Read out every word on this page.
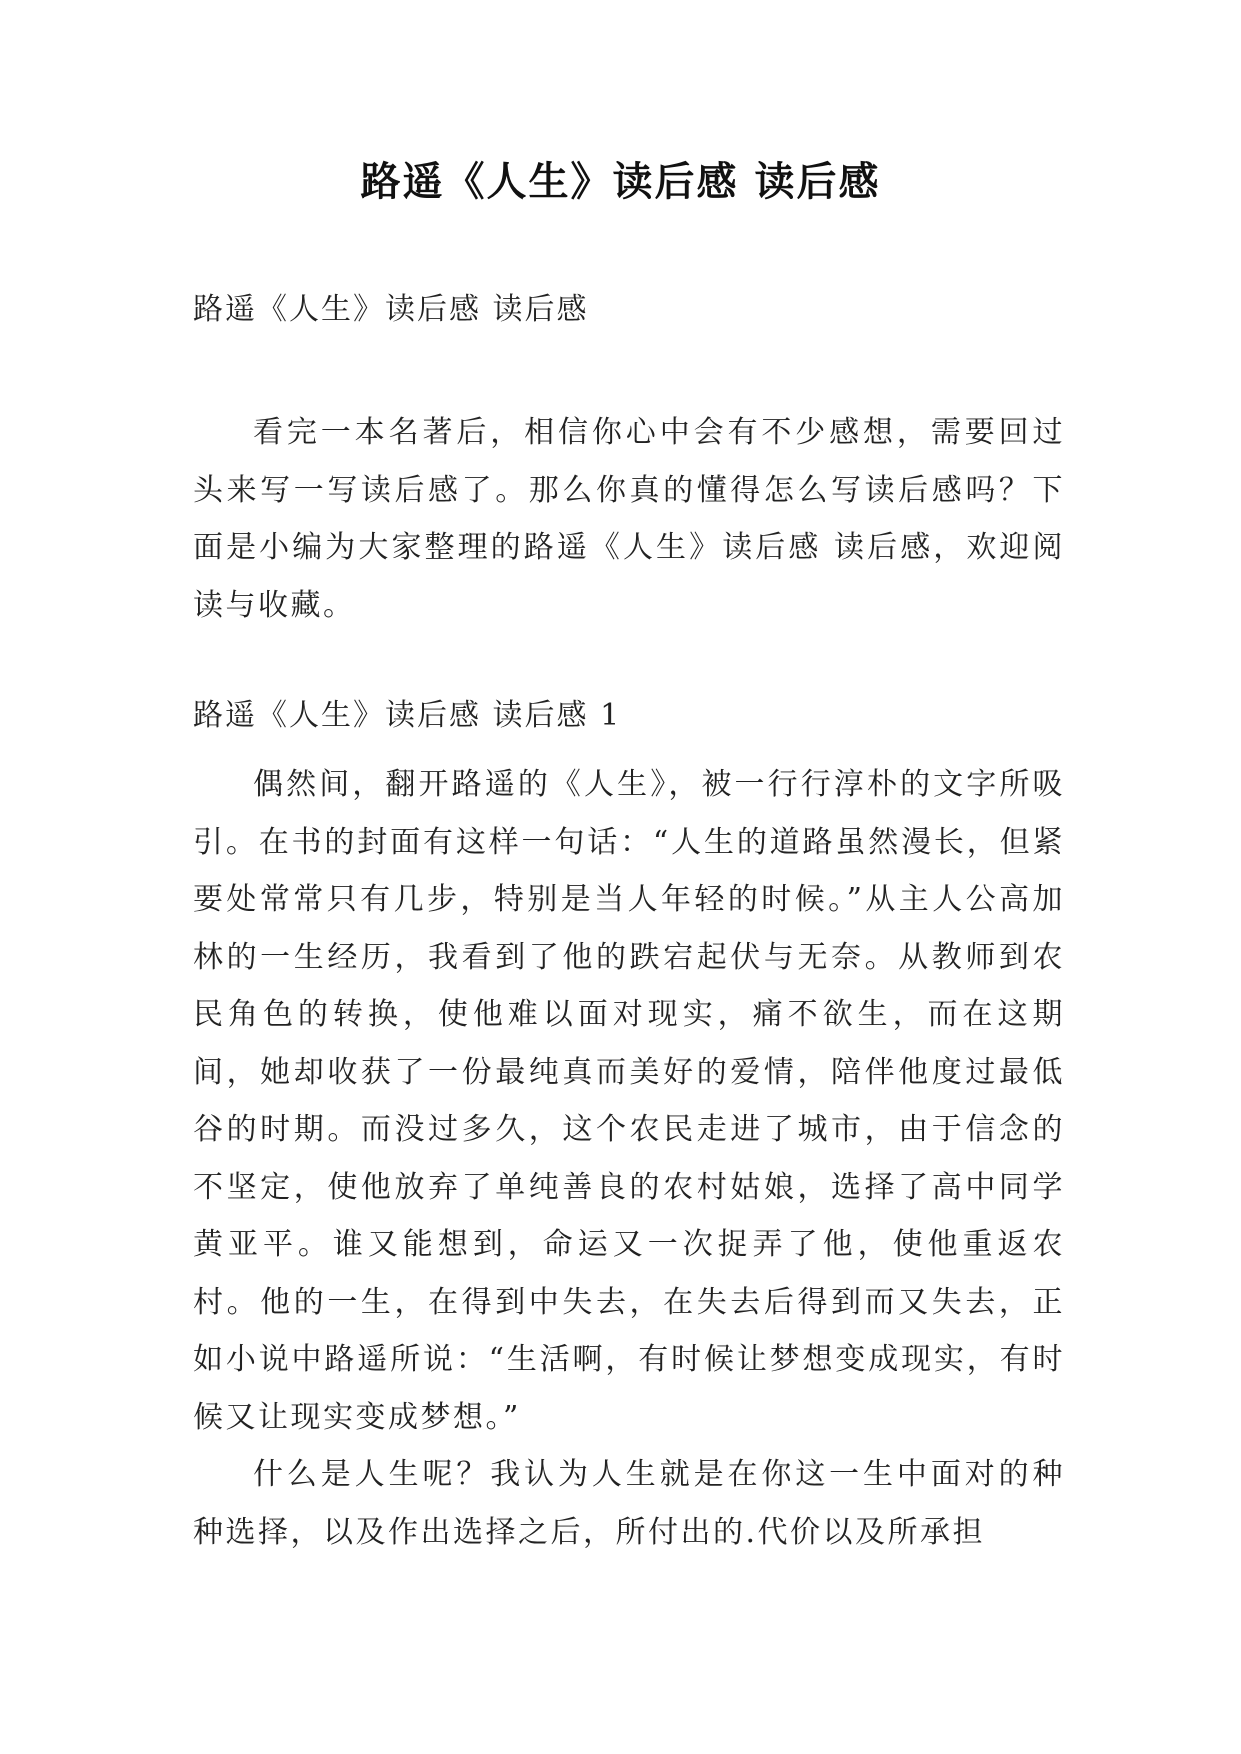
路遥《人生》读后感 读后感
路遥《人生》读后感 读后感

看完一本名著后，相信你心中会有不少感想，需要回过头来写一写读后感了。那么你真的懂得怎么写读后感吗？下面是小编为大家整理的路遥《人生》读后感 读后感，欢迎阅读与收藏。

路遥《人生》读后感 读后感 1

偶然间，翻开路遥的《人生》，被一行行淳朴的文字所吸引。在书的封面有这样一句话：“人生的道路虽然漫长，但紧要处常常只有几步，特别是当人年轻的时候。”从主人公高加林的一生经历，我看到了他的跌宕起伏与无奈。从教师到农民角色的转换，使他难以面对现实，痛不欲生，而在这期间，她却收获了一份最纯真而美好的爱情，陪伴他度过最低谷的时期。而没过多久，这个农民走进了城市，由于信念的不坚定，使他放弃了单纯善良的农村姑娘，选择了高中同学黄亚平。谁又能想到，命运又一次捉弄了他，使他重返农村。他的一生，在得到中失去，在失去后得到而又失去，正如小说中路遥所说：“生活啊，有时候让梦想变成现实，有时候又让现实变成梦想。”

什么是人生呢？我认为人生就是在你这一生中面对的种种选择，以及作出选择之后，所付出的.代价以及所承担
